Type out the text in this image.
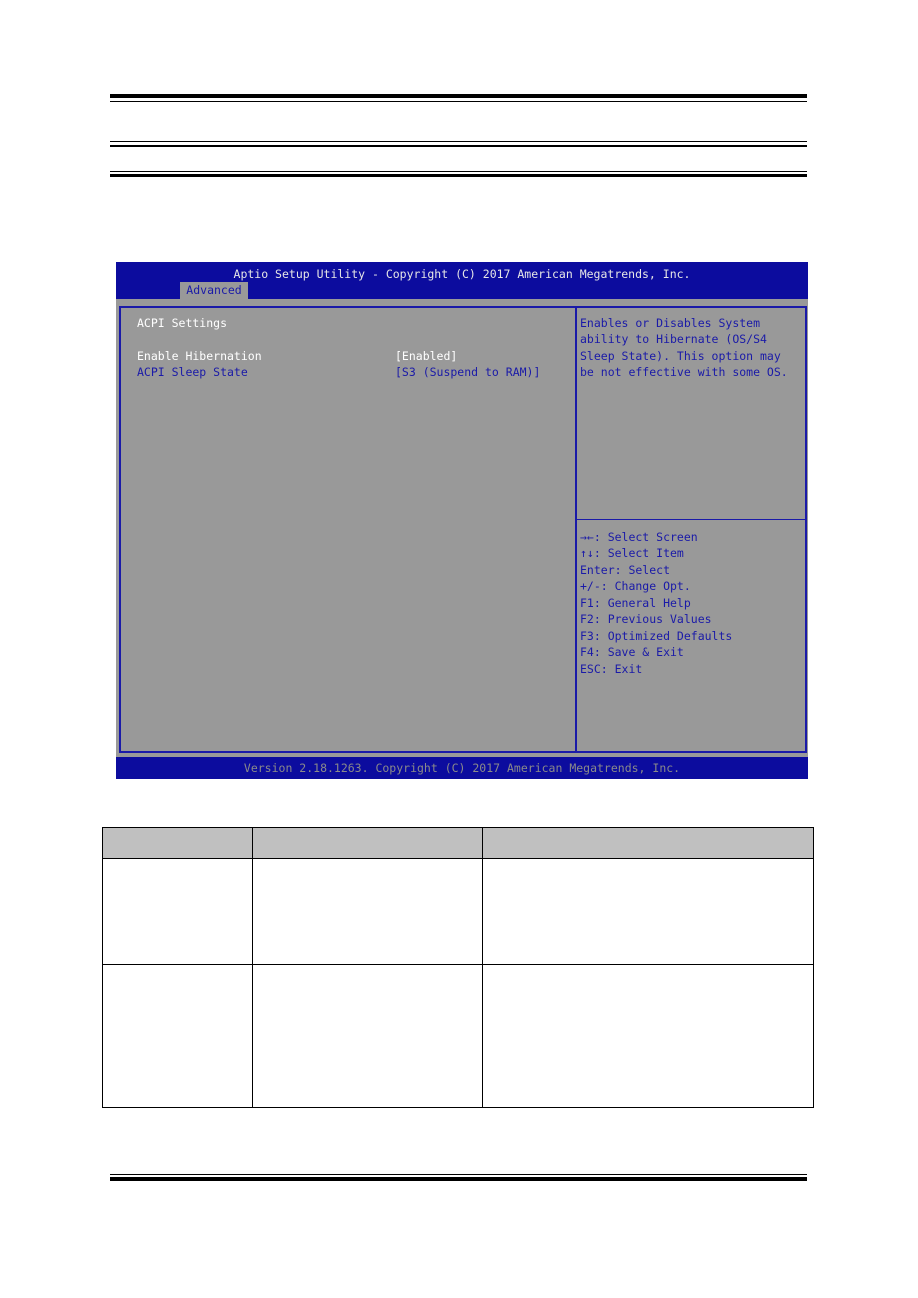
Aptio Setup Utility - Copyright (C) 2017 American Megatrends, Inc.
Advanced
ACPI Settings
Enable Hibernation	[Enabled]
ACPI Sleep State	[S3 (Suspend to RAM)]
Enables or Disables System
ability to Hibernate (OS/S4
Sleep State). This option may
be not effective with some OS.
→←: Select Screen
↑↓: Select Item
Enter: Select
+/-: Change Opt.
F1: General Help
F2: Previous Values
F3: Optimized Defaults
F4: Save & Exit
ESC: Exit
Version 2.18.1263. Copyright (C) 2017 American Megatrends, Inc.
